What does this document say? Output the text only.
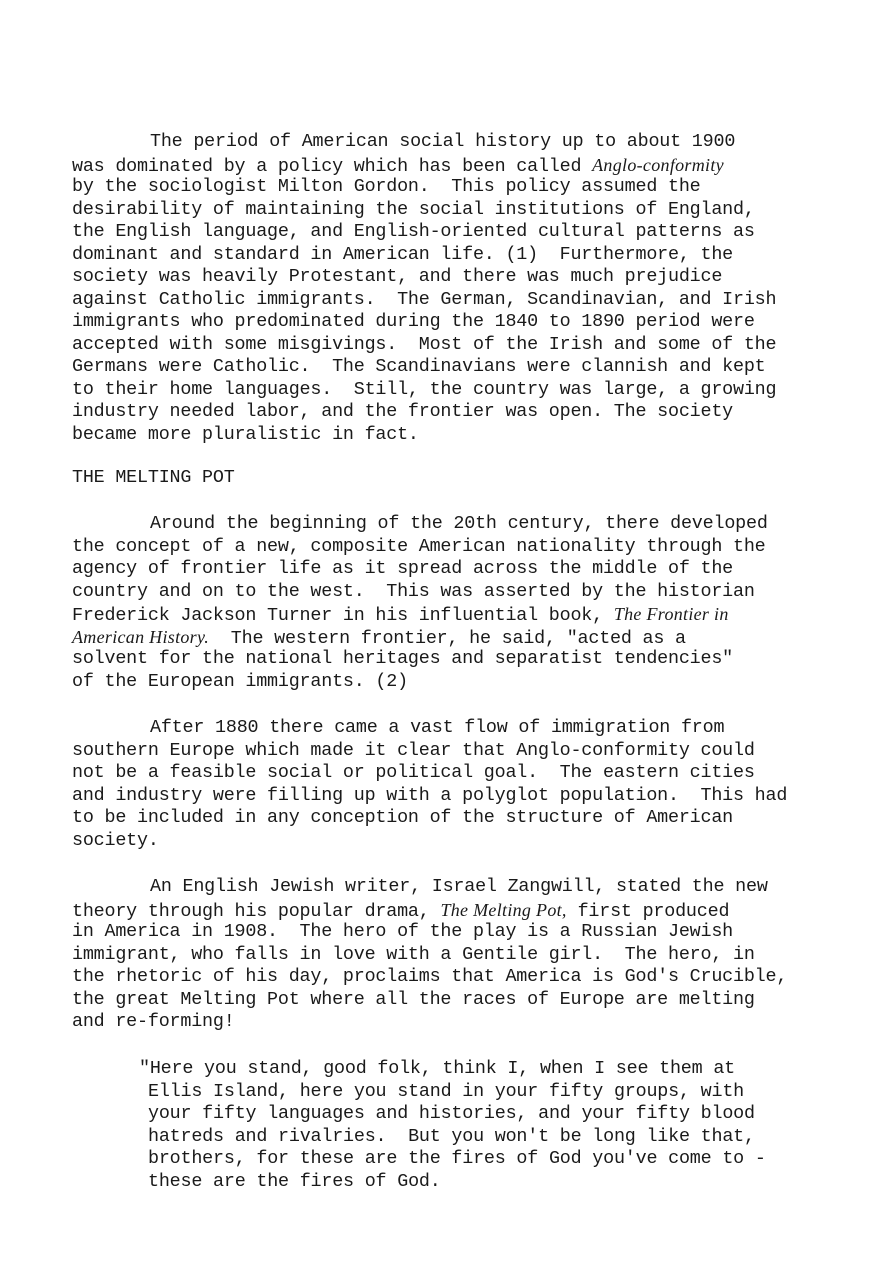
The period of American social history up to about 1900
was dominated by a policy which has been called Anglo-conformity
by the sociologist Milton Gordon.  This policy assumed the
desirability of maintaining the social institutions of England,
the English language, and English-oriented cultural patterns as
dominant and standard in American life. (1)  Furthermore, the
society was heavily Protestant, and there was much prejudice
against Catholic immigrants.  The German, Scandinavian, and Irish
immigrants who predominated during the 1840 to 1890 period were
accepted with some misgivings.  Most of the Irish and some of the
Germans were Catholic.  The Scandinavians were clannish and kept
to their home languages.  Still, the country was large, a growing
industry needed labor, and the frontier was open. The society
became more pluralistic in fact.
THE MELTING POT
Around the beginning of the 20th century, there developed
the concept of a new, composite American nationality through the
agency of frontier life as it spread across the middle of the
country and on to the west.  This was asserted by the historian
Frederick Jackson Turner in his influential book, The Frontier in
American History.  The western frontier, he said, "acted as a
solvent for the national heritages and separatist tendencies"
of the European immigrants. (2)
After 1880 there came a vast flow of immigration from
southern Europe which made it clear that Anglo-conformity could
not be a feasible social or political goal.  The eastern cities
and industry were filling up with a polyglot population.  This had
to be included in any conception of the structure of American
society.
An English Jewish writer, Israel Zangwill, stated the new
theory through his popular drama, The Melting Pot, first produced
in America in 1908.  The hero of the play is a Russian Jewish
immigrant, who falls in love with a Gentile girl.  The hero, in
the rhetoric of his day, proclaims that America is God's Crucible,
the great Melting Pot where all the races of Europe are melting
and re-forming!
"Here you stand, good folk, think I, when I see them at
Ellis Island, here you stand in your fifty groups, with
your fifty languages and histories, and your fifty blood
hatreds and rivalries.  But you won't be long like that,
brothers, for these are the fires of God you've come to -
these are the fires of God.
